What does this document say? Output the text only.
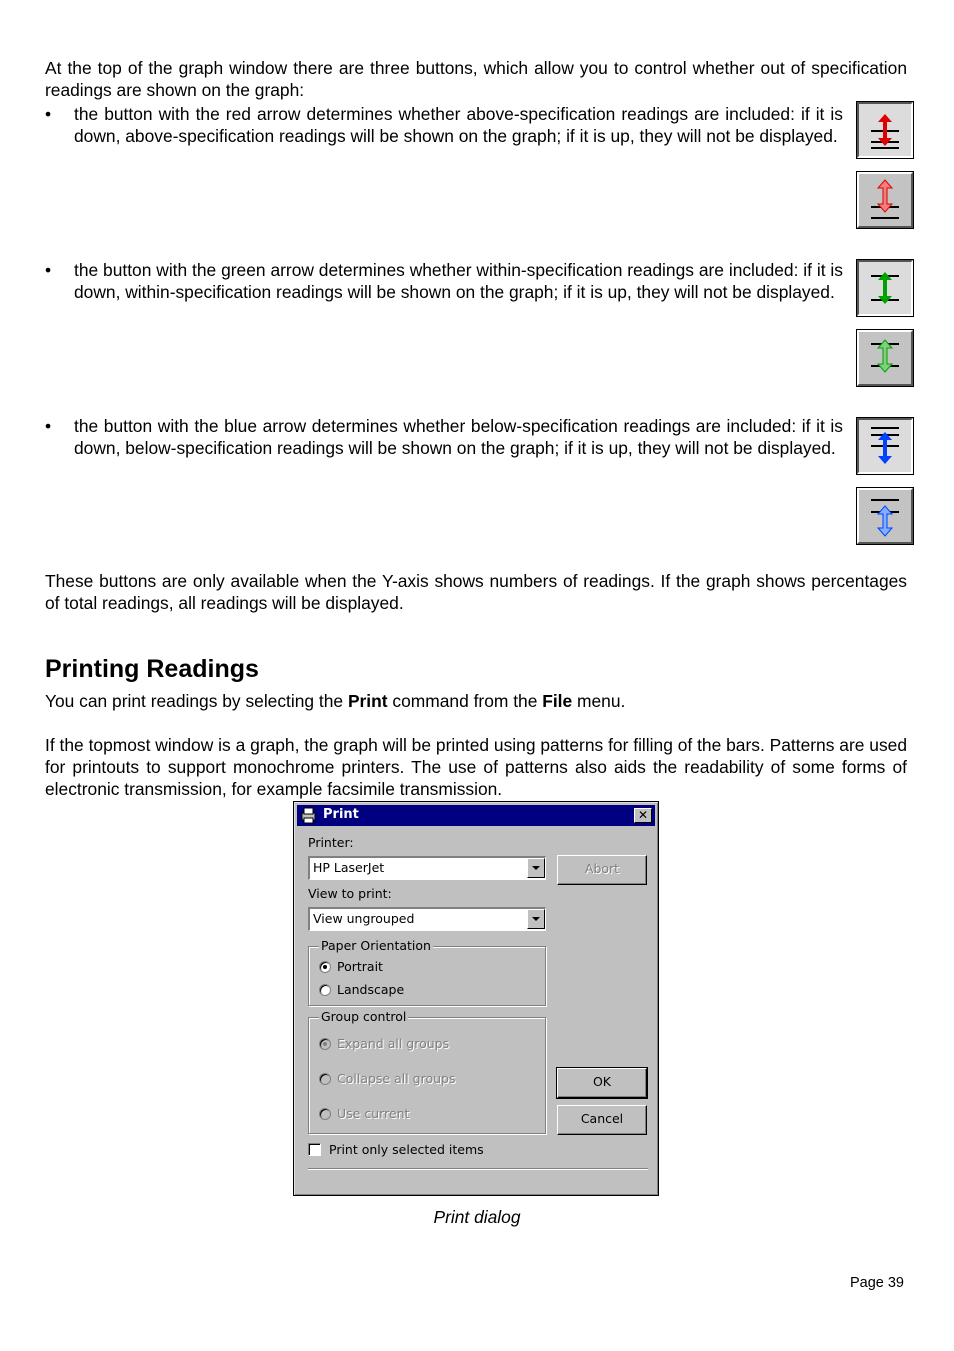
At the top of the graph window there are three buttons, which allow you to control whether out of specification readings are shown on the graph:

• the button with the red arrow determines whether above-specification readings are included: if it is down, above-specification readings will be shown on the graph; if it is up, they will not be displayed.
• the button with the green arrow determines whether within-specification readings are included: if it is down, within-specification readings will be shown on the graph; if it is up, they will not be displayed.
• the button with the blue arrow determines whether below-specification readings are included: if it is down, below-specification readings will be shown on the graph; if it is up, they will not be displayed.

These buttons are only available when the Y-axis shows numbers of readings. If the graph shows percentages of total readings, all readings will be displayed.

Printing Readings

You can print readings by selecting the Print command from the File menu.

If the topmost window is a graph, the graph will be printed using patterns for filling of the bars. Patterns are used for printouts to support monochrome printers. The use of patterns also aids the readability of some forms of electronic transmission, for example facsimile transmission.

Print	✕
Printer:
HP LaserJet
View to print:
View ungrouped
Paper Orientation
Portrait
Landscape
Group control
Expand all groups
Collapse all groups
Use current
Print only selected items
Abort
OK
Cancel
Print dialog
Page 39
